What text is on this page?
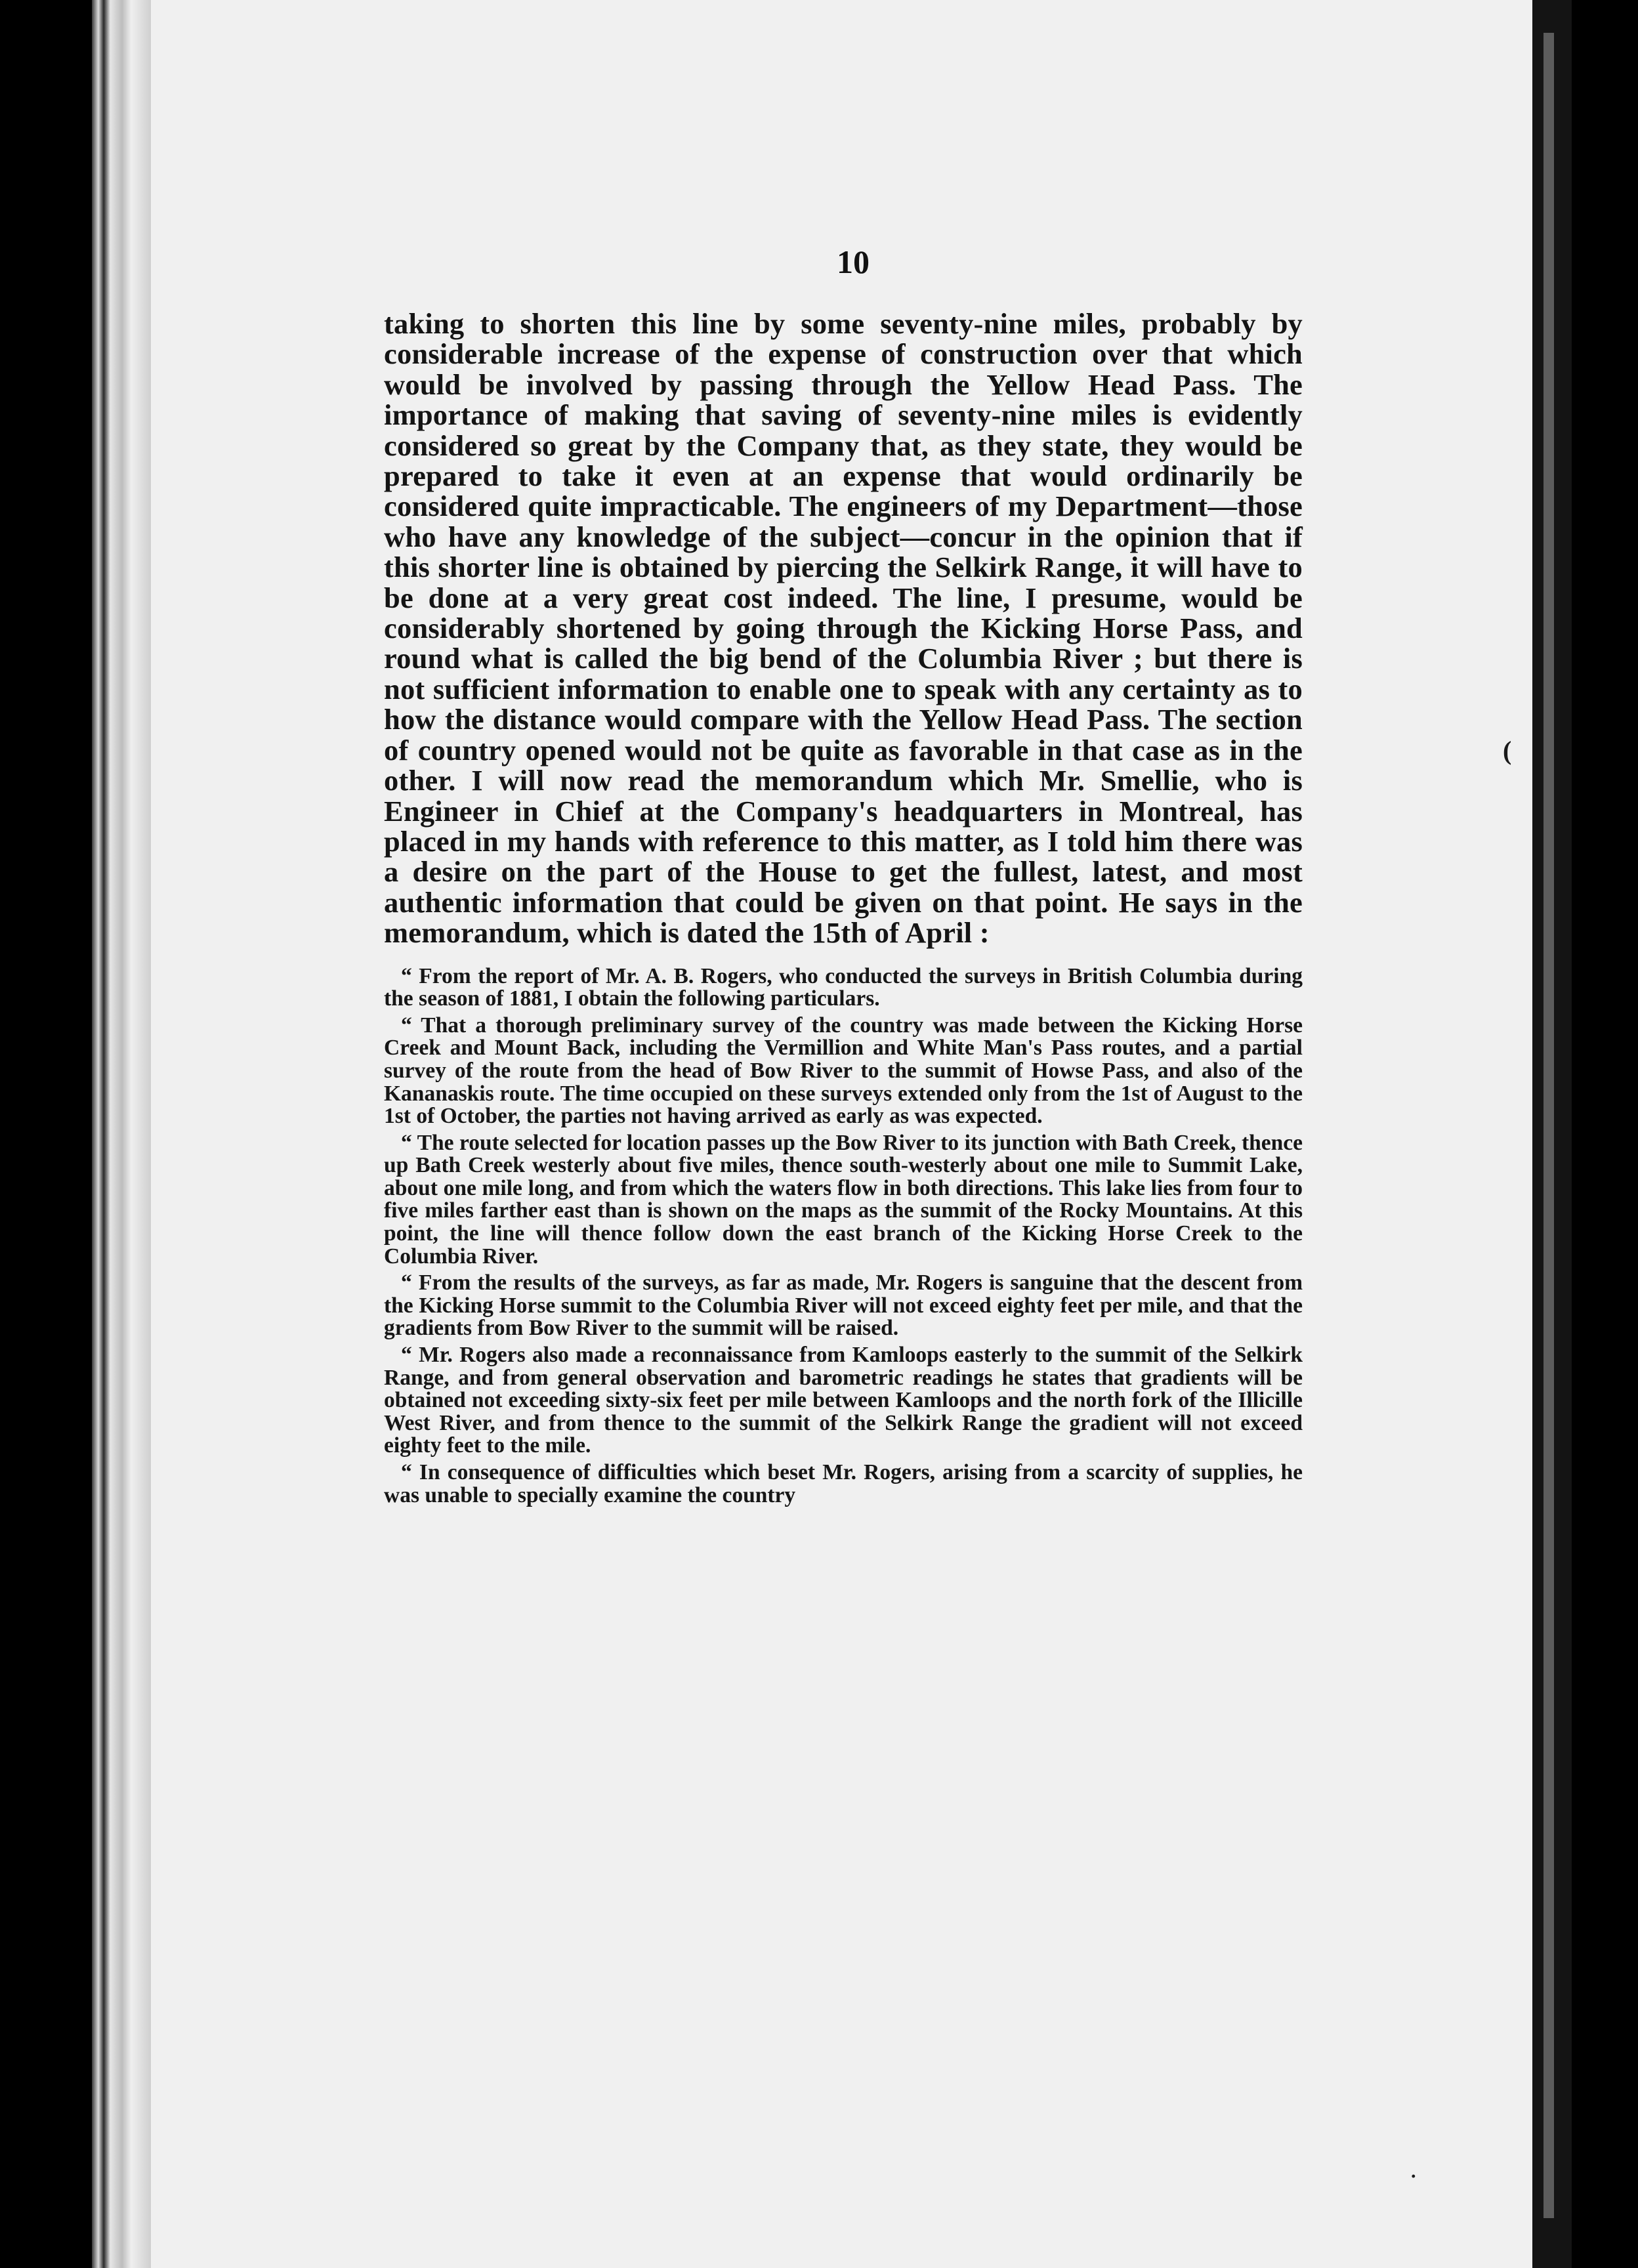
(
∙
10
taking to shorten this line by some seventy-nine miles, probably by considerable increase of the expense of construction over that which would be involved by passing through the Yellow Head Pass. The importance of making that saving of seventy-nine miles is evidently considered so great by the Company that, as they state, they would be prepared to take it even at an expense that would ordinarily be considered quite impracticable. The engineers of my Department—those who have any knowledge of the subject—concur in the opinion that if this shorter line is obtained by piercing the Selkirk Range, it will have to be done at a very great cost indeed. The line, I presume, would be considerably shortened by going through the Kicking Horse Pass, and round what is called the big bend of the Columbia River ; but there is not sufficient information to enable one to speak with any certainty as to how the distance would compare with the Yellow Head Pass. The section of country opened would not be quite as favorable in that case as in the other. I will now read the memorandum which Mr. Smellie, who is Engineer in Chief at the Company's headquarters in Montreal, has placed in my hands with reference to this matter, as I told him there was a desire on the part of the House to get the fullest, latest, and most authentic information that could be given on that point. He says in the memorandum, which is dated the 15th of April :

“ From the report of Mr. A. B. Rogers, who conducted the surveys in British Columbia during the season of 1881, I obtain the following particulars.

“ That a thorough preliminary survey of the country was made between the Kicking Horse Creek and Mount Back, including the Vermillion and White Man's Pass routes, and a partial survey of the route from the head of Bow River to the summit of Howse Pass, and also of the Kananaskis route. The time occupied on these surveys extended only from the 1st of August to the 1st of October, the parties not having arrived as early as was expected.

“ The route selected for location passes up the Bow River to its junction with Bath Creek, thence up Bath Creek westerly about five miles, thence south-westerly about one mile to Summit Lake, about one mile long, and from which the waters flow in both directions. This lake lies from four to five miles farther east than is shown on the maps as the summit of the Rocky Mountains. At this point, the line will thence follow down the east branch of the Kicking Horse Creek to the Columbia River.

“ From the results of the surveys, as far as made, Mr. Rogers is sanguine that the descent from the Kicking Horse summit to the Columbia River will not exceed eighty feet per mile, and that the gradients from Bow River to the summit will be raised.

“ Mr. Rogers also made a reconnaissance from Kamloops easterly to the summit of the Selkirk Range, and from general observation and barometric readings he states that gradients will be obtained not exceeding sixty-six feet per mile between Kamloops and the north fork of the Illicille West River, and from thence to the summit of the Selkirk Range the gradient will not exceed eighty feet to the mile.

“ In consequence of difficulties which beset Mr. Rogers, arising from a scarcity of supplies, he was unable to specially examine the country
